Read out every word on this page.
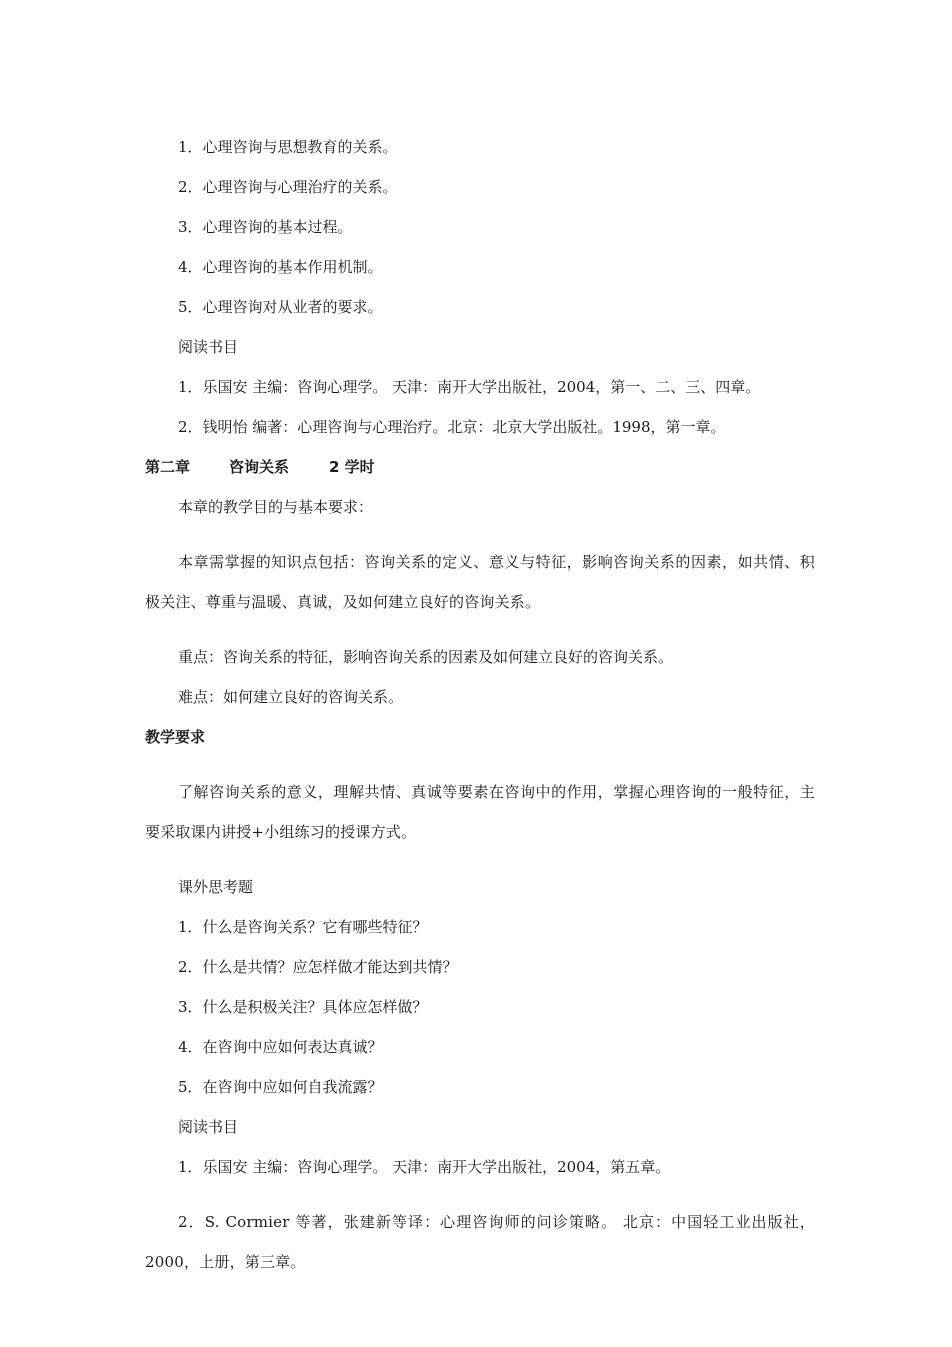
1．心理咨询与思想教育的关系。

2．心理咨询与心理治疗的关系。

3．心理咨询的基本过程。

4．心理咨询的基本作用机制。

5．心理咨询对从业者的要求。

阅读书目

1．乐国安 主编：咨询心理学。 天津：南开大学出版社，2004，第一、二、三、四章。

2．钱明怡 编著：心理咨询与心理治疗。北京：北京大学出版社。1998，第一章。

第二章	咨询关系	2 学时

本章的教学目的与基本要求：

本章需掌握的知识点包括：咨询关系的定义、意义与特征，影响咨询关系的因素，如共情、积极关注、尊重与温暖、真诚，及如何建立良好的咨询关系。

重点：咨询关系的特征，影响咨询关系的因素及如何建立良好的咨询关系。

难点：如何建立良好的咨询关系。

教学要求

了解咨询关系的意义，理解共情、真诚等要素在咨询中的作用，掌握心理咨询的一般特征，主要采取课内讲授+小组练习的授课方式。

课外思考题

1．什么是咨询关系？它有哪些特征？

2．什么是共情？应怎样做才能达到共情？

3．什么是积极关注？具体应怎样做？

4．在咨询中应如何表达真诚？

5．在咨询中应如何自我流露？

阅读书目

1．乐国安 主编：咨询心理学。 天津：南开大学出版社，2004，第五章。

2．S. Cormier 等著，张建新等译：心理咨询师的问诊策略。 北京：中国轻工业出版社，2000，上册，第三章。
